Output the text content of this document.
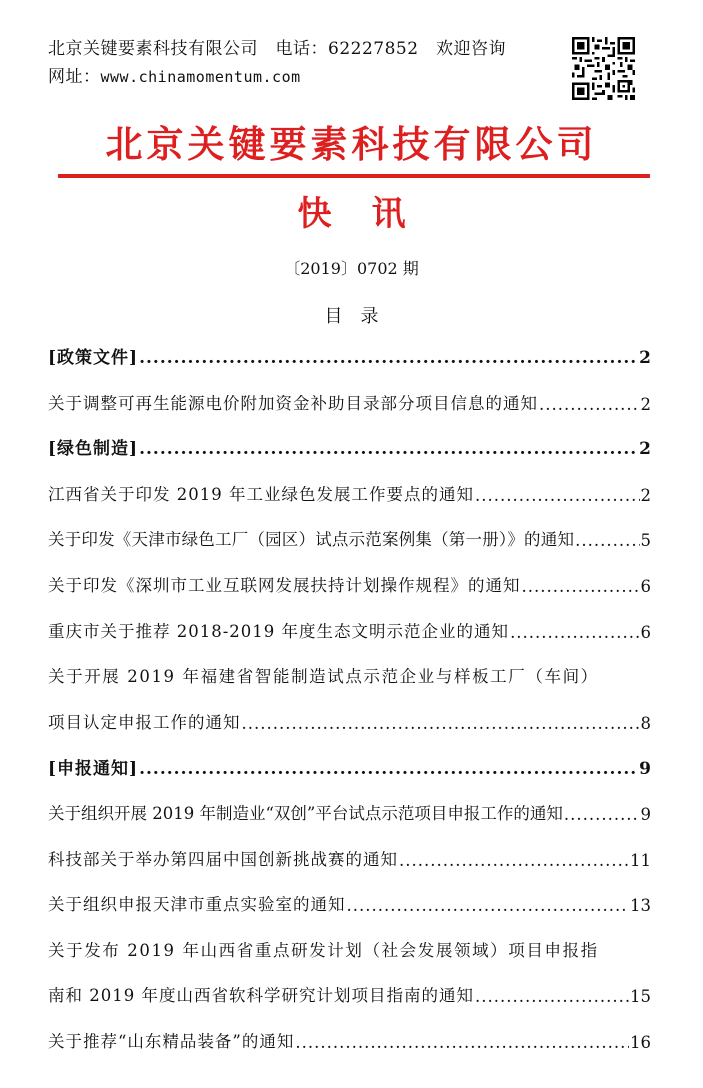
北京关键要素科技有限公司　电话：62227852　欢迎咨询
网址：www.chinamomentum.com
北京关键要素科技有限公司
快讯
〔2019〕0702 期
目录
[政策文件] .....	2
关于调整可再生能源电价附加资金补助目录部分项目信息的通知 .....	2
[绿色制造] .....	2
江西省关于印发 2019 年工业绿色发展工作要点的通知 .....	2
关于印发《天津市绿色工厂（园区）试点示范案例集（第一册）》的通知 .....	5
关于印发《深圳市工业互联网发展扶持计划操作规程》的通知 .....	6
重庆市关于推荐 2018-2019 年度生态文明示范企业的通知 .....	6
关于开展 2019 年福建省智能制造试点示范企业与样板工厂（车间）
项目认定申报工作的通知 .....	8
[申报通知] .....	9
关于组织开展 2019 年制造业“双创”平台试点示范项目申报工作的通知 .....	9
科技部关于举办第四届中国创新挑战赛的通知 .....	11
关于组织申报天津市重点实验室的通知 .....	13
关于发布 2019 年山西省重点研发计划（社会发展领域）项目申报指
南和 2019 年度山西省软科学研究计划项目指南的通知 .....	15
关于推荐“山东精品装备”的通知 .....	16
